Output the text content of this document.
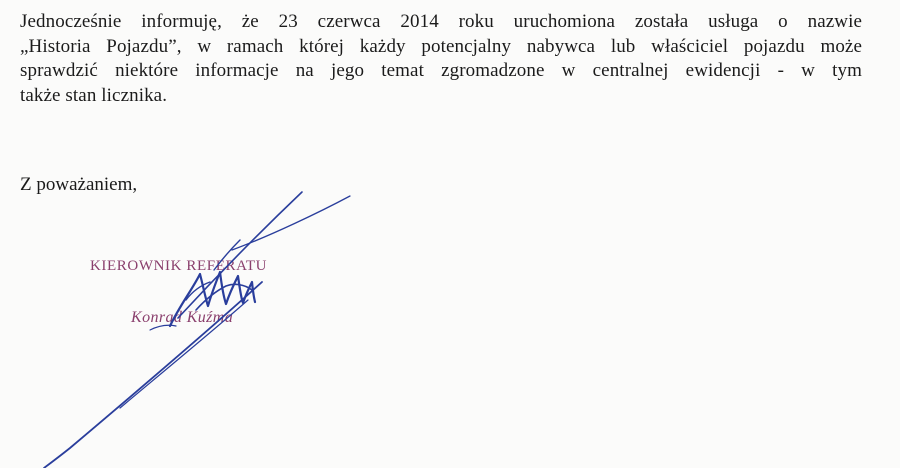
Jednocześnie informuję, że 23 czerwca 2014 roku uruchomiona została usługa o nazwie
„Historia Pojazdu”, w ramach której każdy potencjalny nabywca lub właściciel pojazdu może
sprawdzić niektóre informacje na jego temat zgromadzone w centralnej ewidencji - w tym
także stan licznika.
Z poważaniem,
KIEROWNIK REFERATU
Konrad Kuźma
